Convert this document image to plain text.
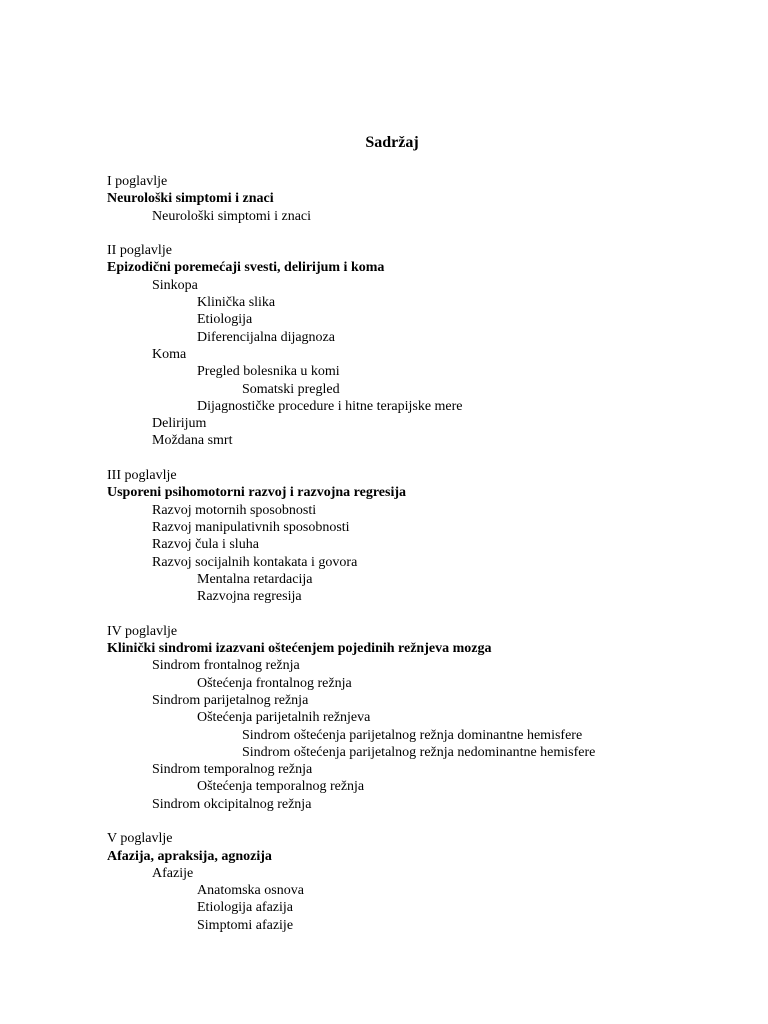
Sadržaj
I poglavlje
Neurološki simptomi i znaci
Neurološki simptomi i znaci
II poglavlje
Epizodični poremećaji svesti, delirijum i koma
Sinkopa
Klinička slika
Etiologija
Diferencijalna dijagnoza
Koma
Pregled bolesnika u komi
Somatski pregled
Dijagnostičke procedure i hitne terapijske mere
Delirijum
Moždana smrt
III poglavlje
Usporeni psihomotorni razvoj i razvojna regresija
Razvoj motornih sposobnosti
Razvoj manipulativnih sposobnosti
Razvoj čula i sluha
Razvoj socijalnih kontakata i govora
Mentalna retardacija
Razvojna regresija
IV poglavlje
Klinički sindromi izazvani oštećenjem pojedinih režnjeva mozga
Sindrom frontalnog režnja
Oštećenja frontalnog režnja
Sindrom parijetalnog režnja
Oštećenja parijetalnih režnjeva
Sindrom oštećenja parijetalnog režnja dominantne hemisfere
Sindrom oštećenja parijetalnog režnja nedominantne hemisfere
Sindrom temporalnog režnja
Oštećenja temporalnog režnja
Sindrom okcipitalnog režnja
V poglavlje
Afazija, apraksija, agnozija
Afazije
Anatomska osnova
Etiologija afazija
Simptomi afazije
